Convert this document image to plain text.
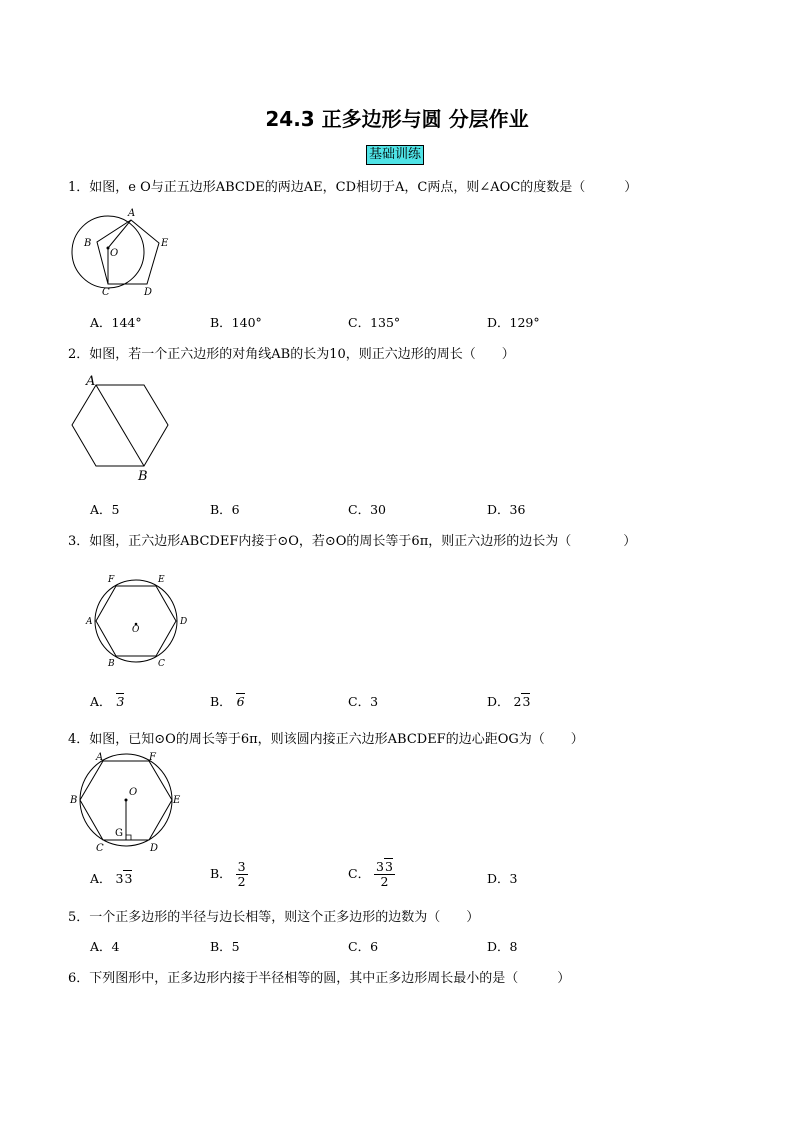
24.3 正多边形与圆 分层作业
基础训练
1．如图，e O与正五边形ABCDE的两边AE，CD相切于A，C两点，则∠AOC的度数是（　　　）
A
B
O
E
C	D
A．144°	B．140°	C．135°	D．129°
2．如图，若一个正六边形的对角线AB的长为10，则正六边形的周长（　　）
A
B
A．5	B．6	C．30	D．36
3．如图，正六边形ABCDEF内接于⊙O，若⊙O的周长等于6π，则正六边形的边长为（　　　　）
F	E
A
O
D
B	C
A． 3	B． 6	C．3	D． 23
4．如图，已知⊙O的周长等于6π，则该圆内接正六边形ABCDEF的边心距OG为（　　）
A	F
O
B	E
G
C	D
A． 33	B． $\frac{3}{2}$	C． $\frac{33}{2}$	D．3
5．一个正多边形的半径与边长相等，则这个正多边形的边数为（　　）
A．4	B．5	C．6	D．8
6．下列图形中，正多边形内接于半径相等的圆，其中正多边形周长最小的是（　　　）
